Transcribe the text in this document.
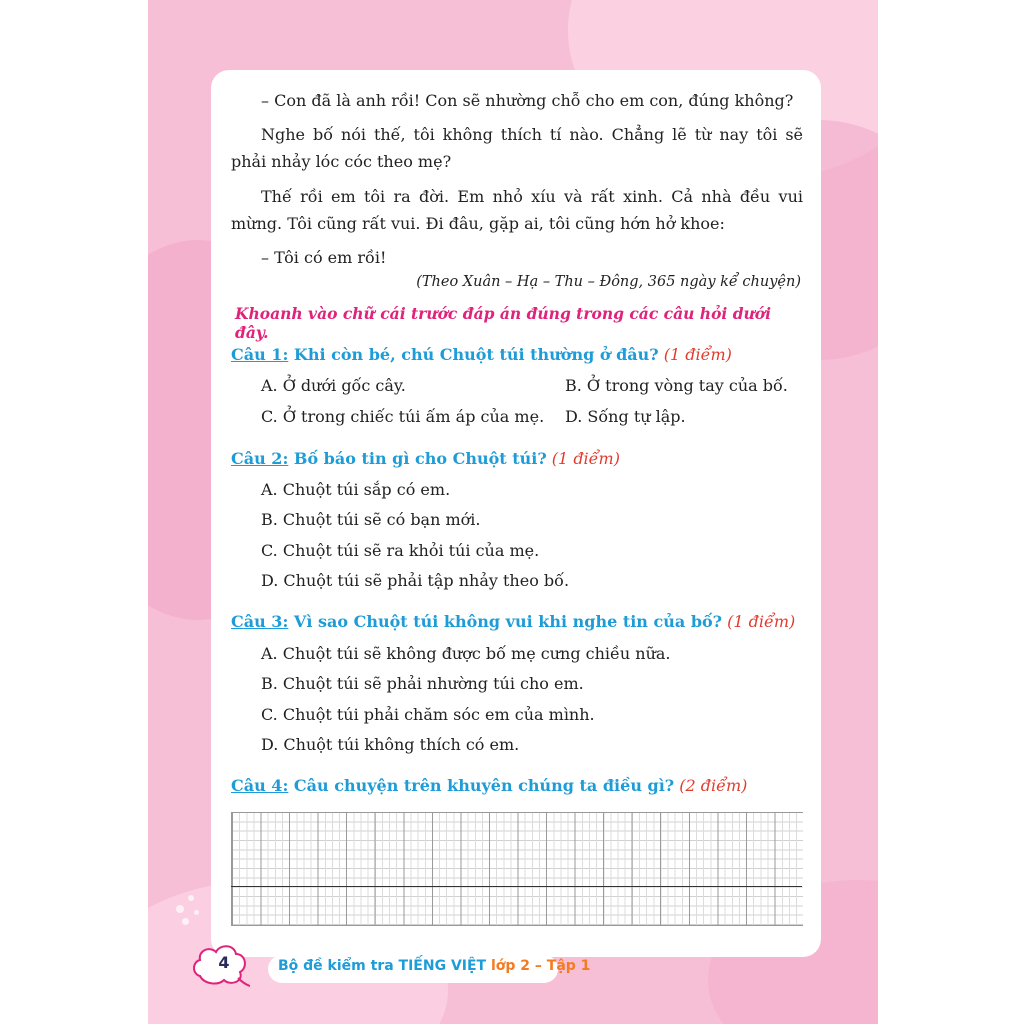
– Con đã là anh rồi! Con sẽ nhường chỗ cho em con, đúng không?

Nghe bố nói thế, tôi không thích tí nào. Chẳng lẽ từ nay tôi sẽ phải nhảy lóc cóc theo mẹ?

Thế rồi em tôi ra đời. Em nhỏ xíu và rất xinh. Cả nhà đều vui mừng. Tôi cũng rất vui. Đi đâu, gặp ai, tôi cũng hớn hở khoe:

– Tôi có em rồi!

(Theo Xuân – Hạ – Thu – Đông, 365 ngày kể chuyện)
Khoanh vào chữ cái trước đáp án đúng trong các câu hỏi dưới đây.
Câu 1: Khi còn bé, chú Chuột túi thường ở đâu? (1 điểm)
A. Ở dưới gốc cây.	B. Ở trong vòng tay của bố.
C. Ở trong chiếc túi ấm áp của mẹ. D. Sống tự lập.
Câu 2: Bố báo tin gì cho Chuột túi? (1 điểm)
A. Chuột túi sắp có em.
B. Chuột túi sẽ có bạn mới.
C. Chuột túi sẽ ra khỏi túi của mẹ.
D. Chuột túi sẽ phải tập nhảy theo bố.
Câu 3: Vì sao Chuột túi không vui khi nghe tin của bố? (1 điểm)
A. Chuột túi sẽ không được bố mẹ cưng chiều nữa.
B. Chuột túi sẽ phải nhường túi cho em.
C. Chuột túi phải chăm sóc em của mình.
D. Chuột túi không thích có em.
Câu 4: Câu chuyện trên khuyên chúng ta điều gì? (2 điểm)
4	Bộ đề kiểm tra TIẾNG VIỆT lớp 2 – Tập 1
